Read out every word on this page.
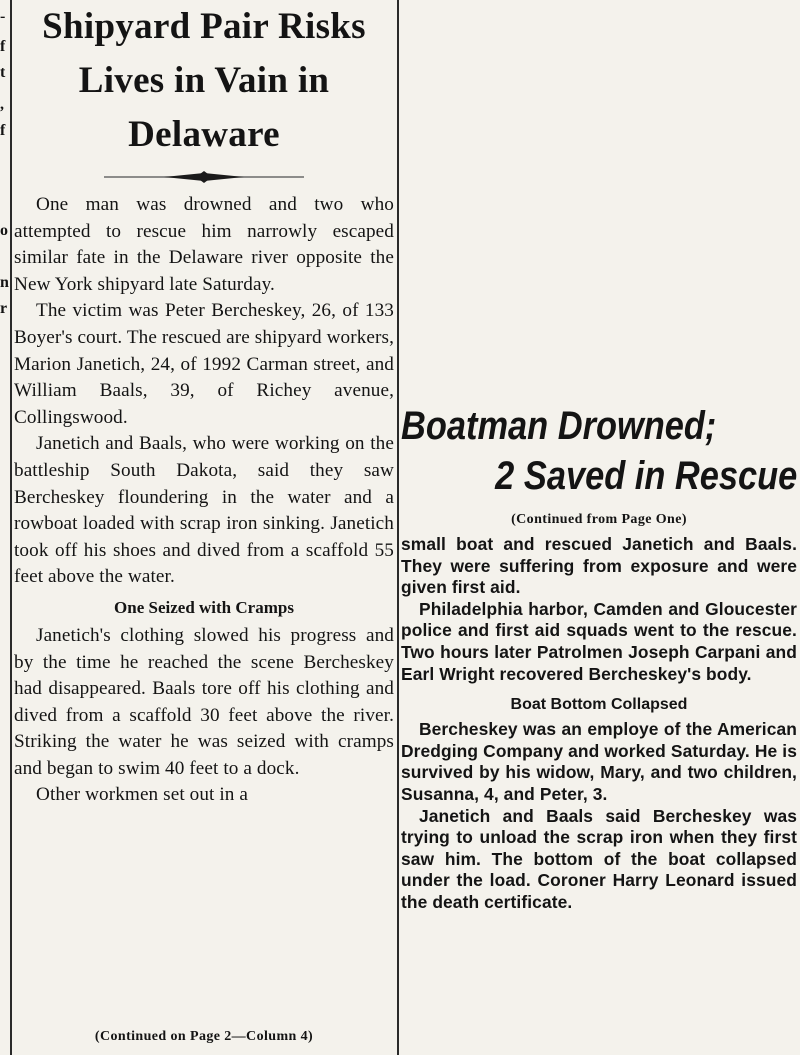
-
f
t
,
f
o
n
r
Shipyard Pair Risks
Lives in Vain in
Delaware

One man was drowned and two who attempted to rescue him narrowly escaped similar fate in the Delaware river opposite the New York shipyard late Saturday.

The victim was Peter Bercheskey, 26, of 133 Boyer's court. The rescued are shipyard workers, Marion Janetich, 24, of 1992 Carman street, and William Baals, 39, of Richey avenue, Collingswood.

Janetich and Baals, who were working on the battleship South Dakota, said they saw Bercheskey floundering in the water and a rowboat loaded with scrap iron sinking. Janetich took off his shoes and dived from a scaffold 55 feet above the water.

One Seized with Cramps

Janetich's clothing slowed his progress and by the time he reached the scene Bercheskey had disappeared. Baals tore off his clothing and dived from a scaffold 30 feet above the river. Striking the water he was seized with cramps and began to swim 40 feet to a dock.

Other workmen set out in a

(Continued on Page 2—Column 4)
Boatman Drowned;
2 Saved in Rescue
(Continued from Page One)

small boat and rescued Janetich and Baals. They were suffering from exposure and were given first aid.

Philadelphia harbor, Camden and Gloucester police and first aid squads went to the rescue. Two hours later Patrolmen Joseph Carpani and Earl Wright recovered Bercheskey's body.

Boat Bottom Collapsed

Bercheskey was an employe of the American Dredging Company and worked Saturday. He is survived by his widow, Mary, and two children, Susanna, 4, and Peter, 3.

Janetich and Baals said Bercheskey was trying to unload the scrap iron when they first saw him. The bottom of the boat collapsed under the load. Coroner Harry Leonard issued the death certificate.
